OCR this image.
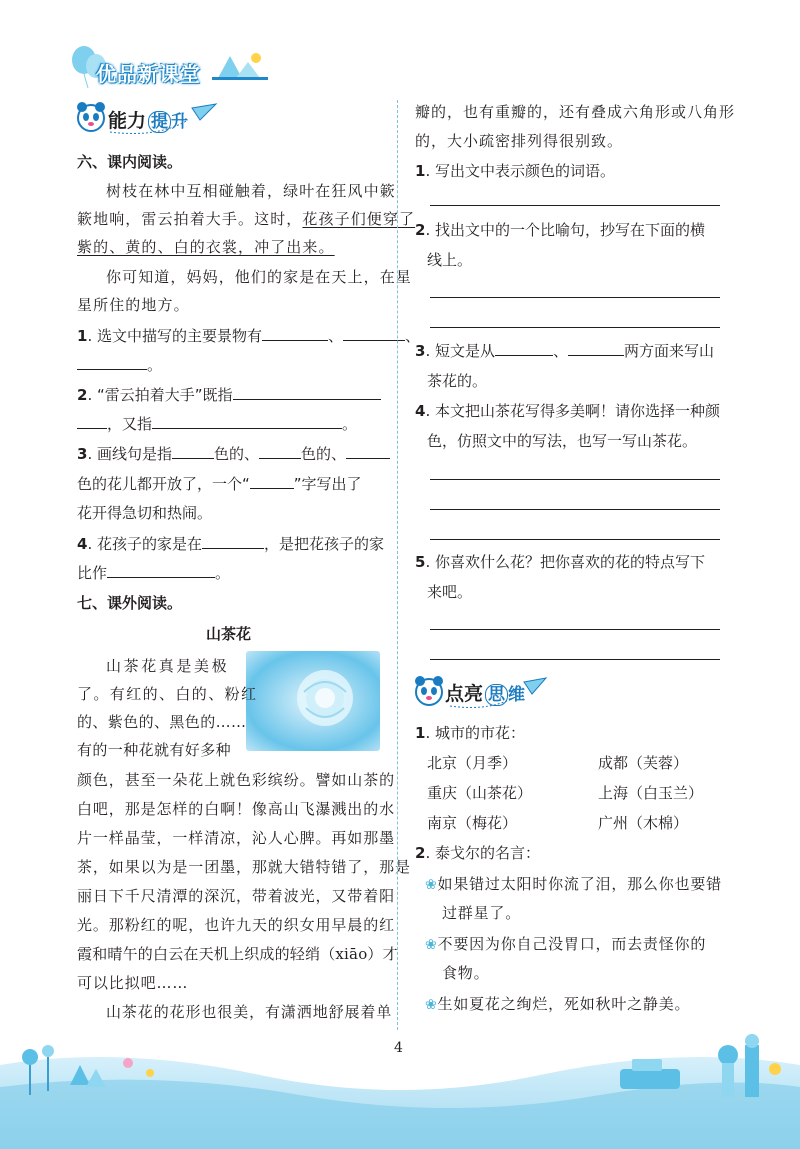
优品新课堂
能力 提 升
六、课内阅读。
树枝在林中互相碰触着，绿叶在狂风中簌
簌地响，雷云拍着大手。这时，花孩子们便穿了
紫的、黄的、白的衣裳，冲了出来。
你可知道，妈妈，他们的家是在天上，在星
星所住的地方。
1. 选文中描写的主要景物有	、	、
。
2. “雷云拍着大手”既指
，又指	。
3. 画线句是指	色的、	色的、
色的花儿都开放了，一个“	”字写出了
花开得急切和热闹。
4. 花孩子的家是在	，是把花孩子的家
比作	。
七、课外阅读。
山茶花
山茶花真是美极
了。有红的、白的、粉红
的、紫色的、黑色的……
有的一种花就有好多种
颜色，甚至一朵花上就色彩缤纷。譬如山茶的
白吧，那是怎样的白啊！像高山飞瀑溅出的水
片一样晶莹，一样清凉，沁人心脾。再如那墨
茶，如果以为是一团墨，那就大错特错了，那是
丽日下千尺清潭的深沉，带着波光，又带着阳
光。那粉红的呢，也许九天的织女用早晨的红
霞和晴午的白云在天机上织成的轻绡（xiāo）才
可以比拟吧……
山茶花的花形也很美，有潇洒地舒展着单
瓣的，也有重瓣的，还有叠成六角形或八角形
的，大小疏密排列得很别致。
1. 写出文中表示颜色的词语。
2. 找出文中的一个比喻句，抄写在下面的横
线上。
3. 短文是从	、	两方面来写山
茶花的。
4. 本文把山茶花写得多美啊！请你选择一种颜
色，仿照文中的写法，也写一写山茶花。
5. 你喜欢什么花？把你喜欢的花的特点写下
来吧。
点亮 思 维
1. 城市的市花：
北京（月季）	成都（芙蓉）
重庆（山茶花）	上海（白玉兰）
南京（梅花）	广州（木棉）
2. 泰戈尔的名言：
❀如果错过太阳时你流了泪，那么你也要错
过群星了。
❀不要因为你自己没胃口，而去责怪你的
食物。
❀生如夏花之绚烂，死如秋叶之静美。
4
